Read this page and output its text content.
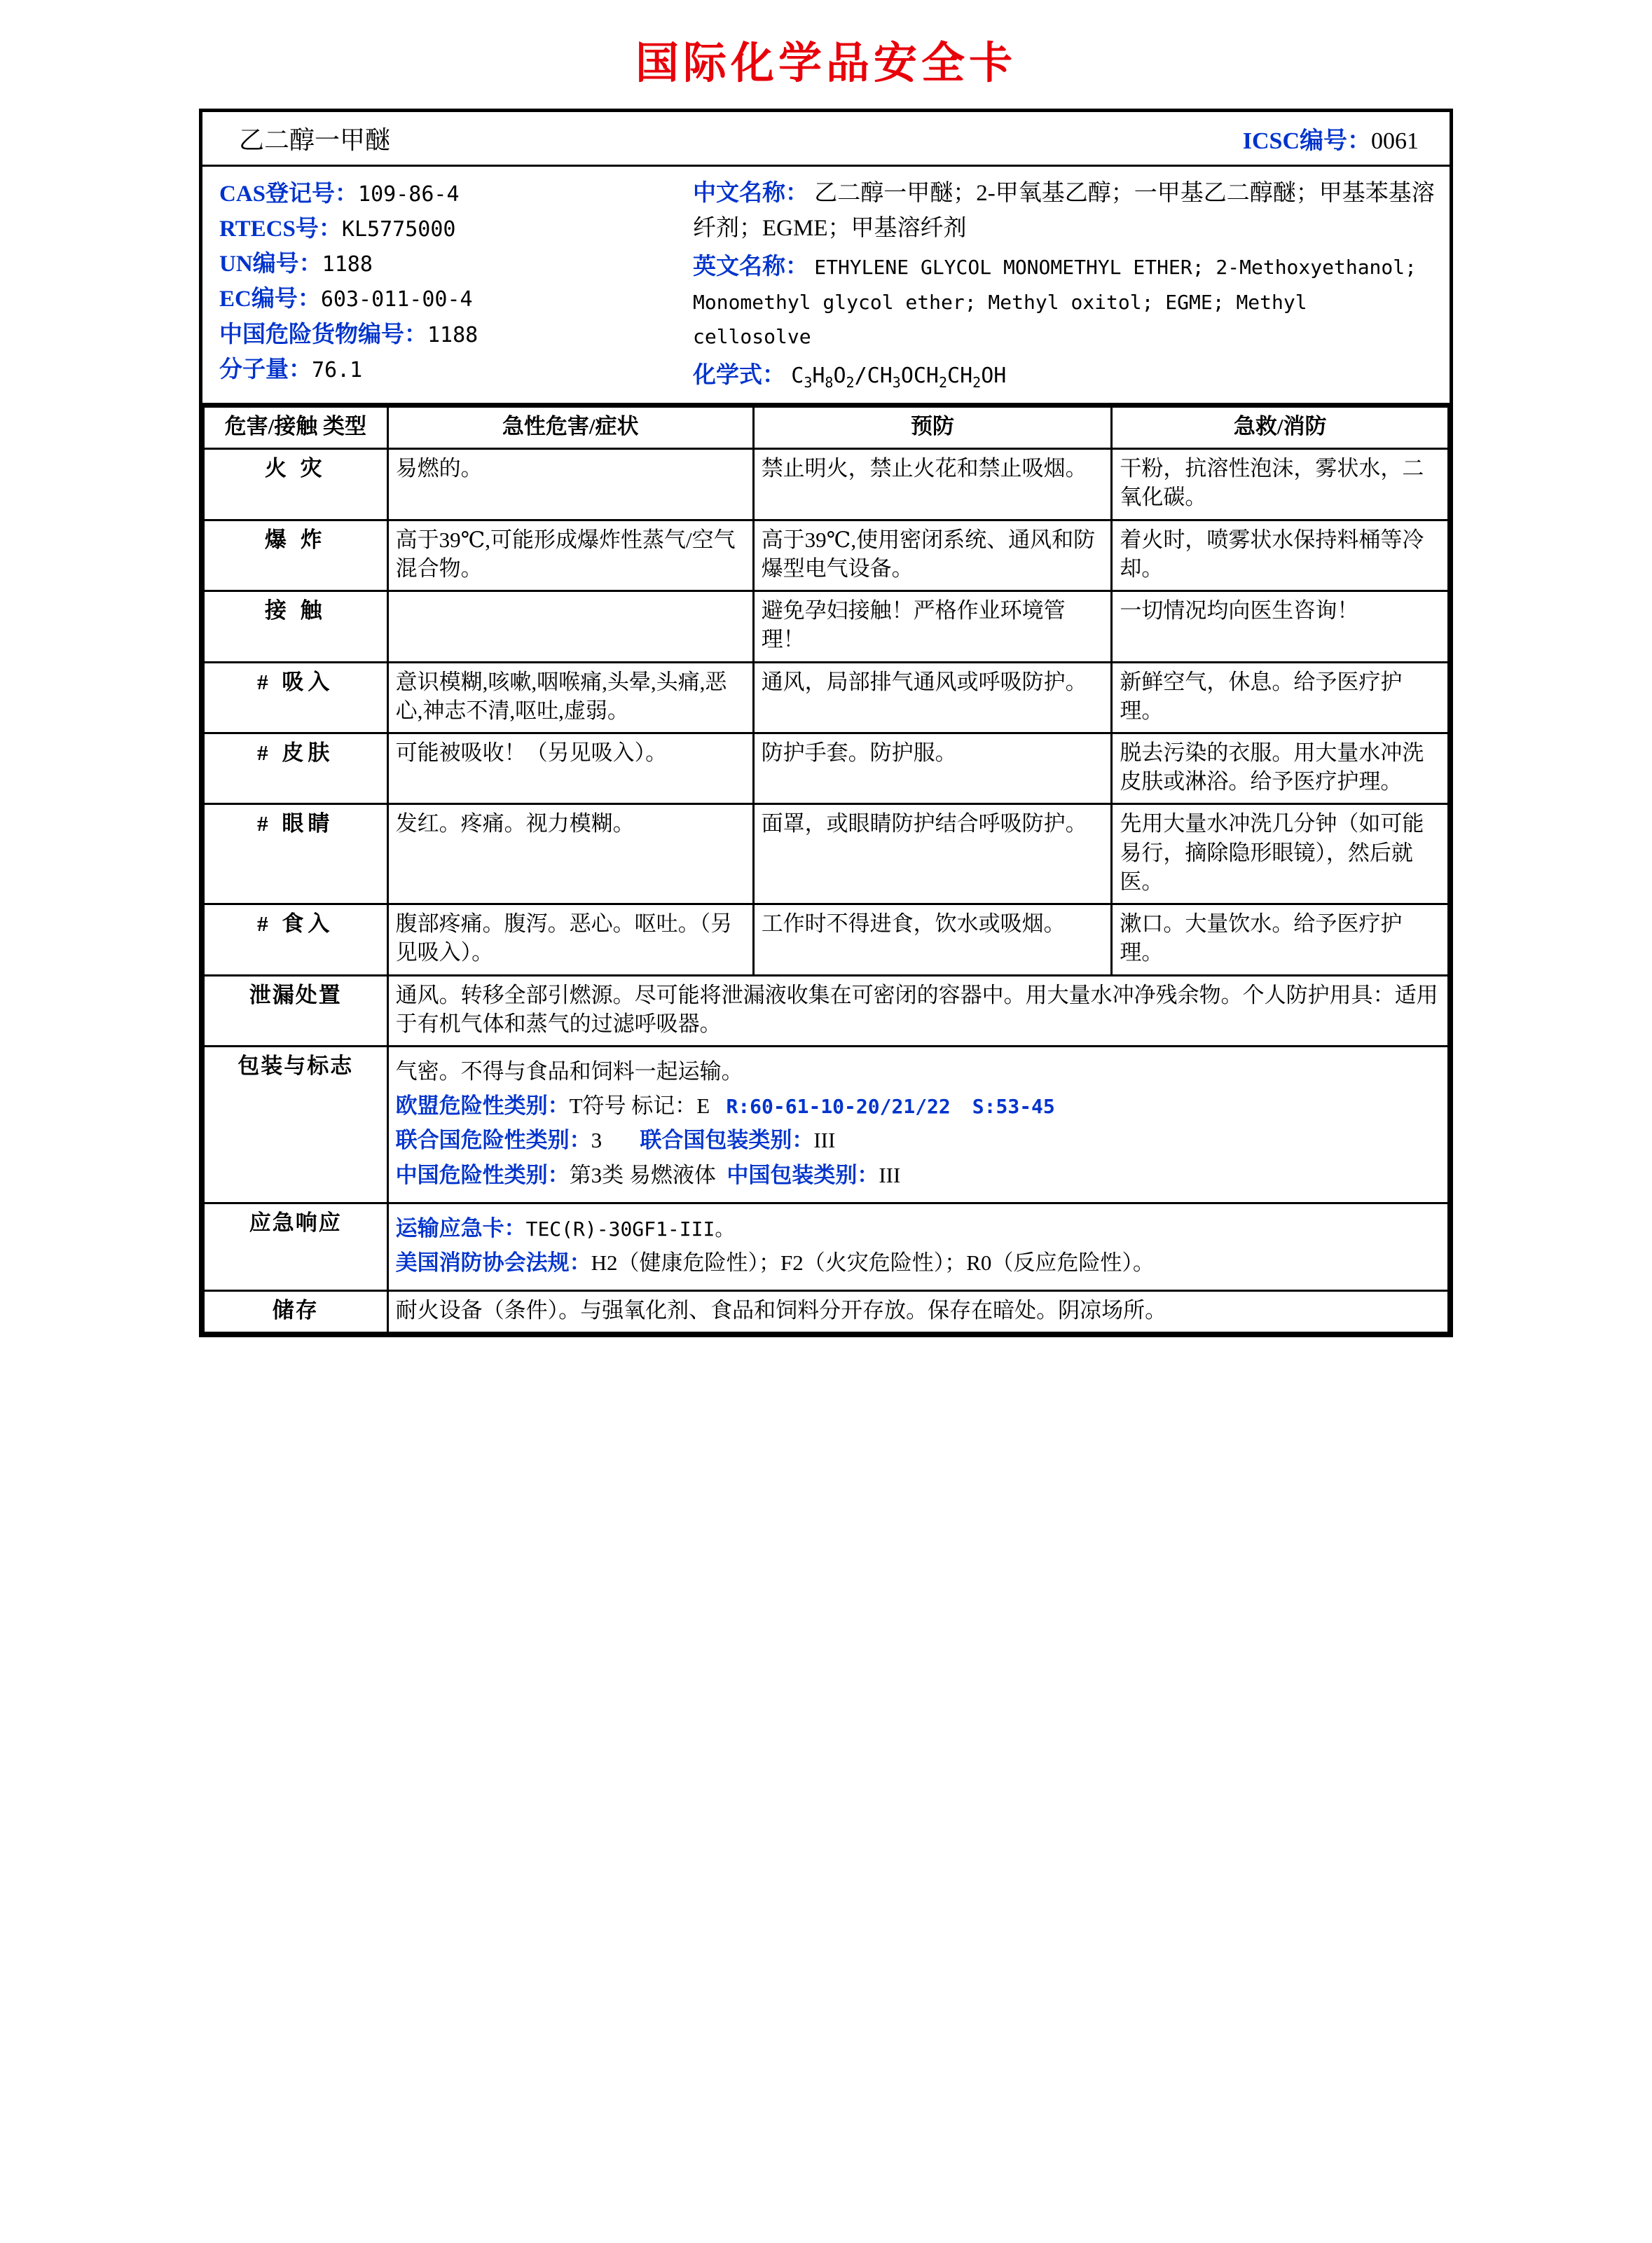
国际化学品安全卡
乙二醇一甲醚	ICSC编号：0061
CAS登记号：109-86-4
RTECS号：KL5775000
UN编号：1188
EC编号：603-011-00-4
中国危险货物编号：1188
分子量：76.1
中文名称： 乙二醇一甲醚；2-甲氧基乙醇；一甲基乙二醇醚；甲基苯基溶纤剂；EGME；甲基溶纤剂
英文名称： ETHYLENE GLYCOL MONOMETHYL ETHER; 2-Methoxyethanol; Monomethyl glycol ether; Methyl oxitol; EGME; Methyl cellosolve
化学式： $C_3H_8O_2/CH_3OCH_2CH_2OH$
危害/接触 类型	急性危害/症状	预防	急救/消防
火 灾	易燃的。	禁止明火，禁止火花和禁止吸烟。	干粉，抗溶性泡沫，雾状水，二氧化碳。
爆 炸	高于39℃,可能形成爆炸性蒸气/空气混合物。	高于39℃,使用密闭系统、通风和防爆型电气设备。	着火时，喷雾状水保持料桶等冷却。
接 触		避免孕妇接触！严格作业环境管理！	一切情况均向医生咨询！
# 吸入	意识模糊,咳嗽,咽喉痛,头晕,头痛,恶心,神志不清,呕吐,虚弱。	通风，局部排气通风或呼吸防护。	新鲜空气，休息。给予医疗护理。
# 皮肤	可能被吸收！（另见吸入）。	防护手套。防护服。	脱去污染的衣服。用大量水冲洗皮肤或淋浴。给予医疗护理。
# 眼睛	发红。疼痛。视力模糊。	面罩，或眼睛防护结合呼吸防护。	先用大量水冲洗几分钟（如可能易行，摘除隐形眼镜），然后就医。
# 食入	腹部疼痛。腹泻。恶心。呕吐。（另见吸入）。	工作时不得进食，饮水或吸烟。	漱口。大量饮水。给予医疗护理。
泄漏处置	通风。转移全部引燃源。尽可能将泄漏液收集在可密闭的容器中。用大量水冲净残余物。个人防护用具：适用于有机气体和蒸气的过滤呼吸器。		
包装与标志	气密。不得与食品和饲料一起运输。
欧盟危险性类别：T符号 标记：E R:60-61-10-20/21/22 S:53-45
联合国危险性类别：3 联合国包装类别：III
中国危险性类别：第3类 易燃液体 中国包装类别：III		

应急响应	运输应急卡：TEC(R)-30GF1-III。
美国消防协会法规：H2（健康危险性）；F2（火灾危险性）；R0（反应危险性）。		

储存	耐火设备（条件）。与强氧化剂、食品和饲料分开存放。保存在暗处。阴凉场所。		
